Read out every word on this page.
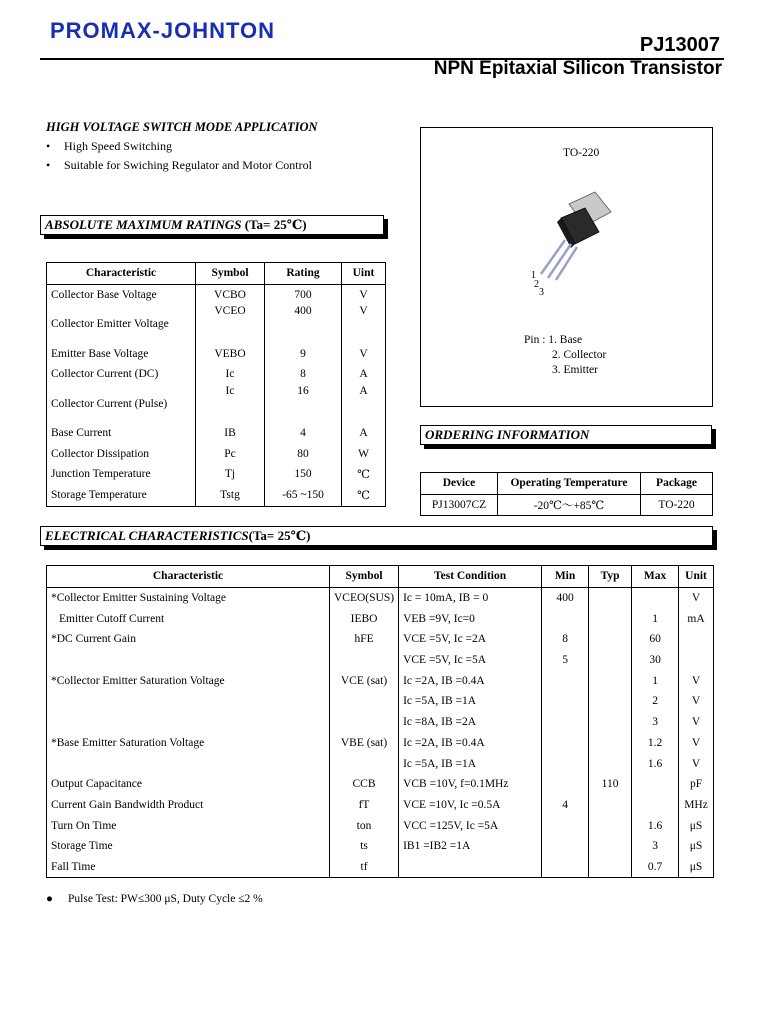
PROMAX-JOHNTON
PJ13007
NPN Epitaxial Silicon Transistor
HIGH VOLTAGE SWITCH MODE APPLICATION
• High Speed Switching
• Suitable for Swiching Regulator and Motor Control
ABSOLUTE MAXIMUM RATINGS (Ta= 25℃)
Characteristic	Symbol	Rating	Uint
Collector Base Voltage	VCBO	700	V
Collector Emitter Voltage	VCEO	400	V
Emitter Base Voltage	VEBO	9	V
Collector Current (DC)	Ic	8	A
Collector Current (Pulse)	Ic	16	A
Base Current	IB	4	A
Collector Dissipation	Pc	80	W
Junction Temperature	Tj	150	℃
Storage Temperature	Tstg	-65 ~150	℃
TO-220
1
2
3
Pin : 1. Base
2. Collector
3. Emitter
ORDERING INFORMATION
Device	Operating Temperature	Package
PJ13007CZ	-20℃～+85℃	TO-220
ELECTRICAL CHARACTERISTICS(Ta= 25℃)
Characteristic	Symbol	Test Condition	Min	Typ	Max	Unit
*Collector Emitter Sustaining Voltage	VCEO(SUS)	Ic = 10mA, IB = 0	400			V
Emitter Cutoff Current	IEBO	VEB =9V, Ic=0			1	mA
*DC Current Gain	hFE	VCE =5V, Ic =2A	8		60	
		VCE =5V, Ic =5A	5		30	
*Collector Emitter Saturation Voltage	VCE (sat)	Ic =2A, IB =0.4A			1	V
		Ic =5A, IB =1A			2	V
		Ic =8A, IB =2A			3	V
*Base Emitter Saturation Voltage	VBE (sat)	Ic =2A, IB =0.4A			1.2	V
		Ic =5A, IB =1A			1.6	V
Output Capacitance	CCB	VCB =10V, f=0.1MHz		110		pF
Current Gain Bandwidth Product	fT	VCE =10V, Ic =0.5A	4			MHz
Turn On Time	ton	VCC =125V, Ic =5A			1.6	μS
Storage Time	ts	IB1 =IB2 =1A			3	μS
Fall Time	tf				0.7	μS
● Pulse Test: PW≤300 μS, Duty Cycle ≤2 %
